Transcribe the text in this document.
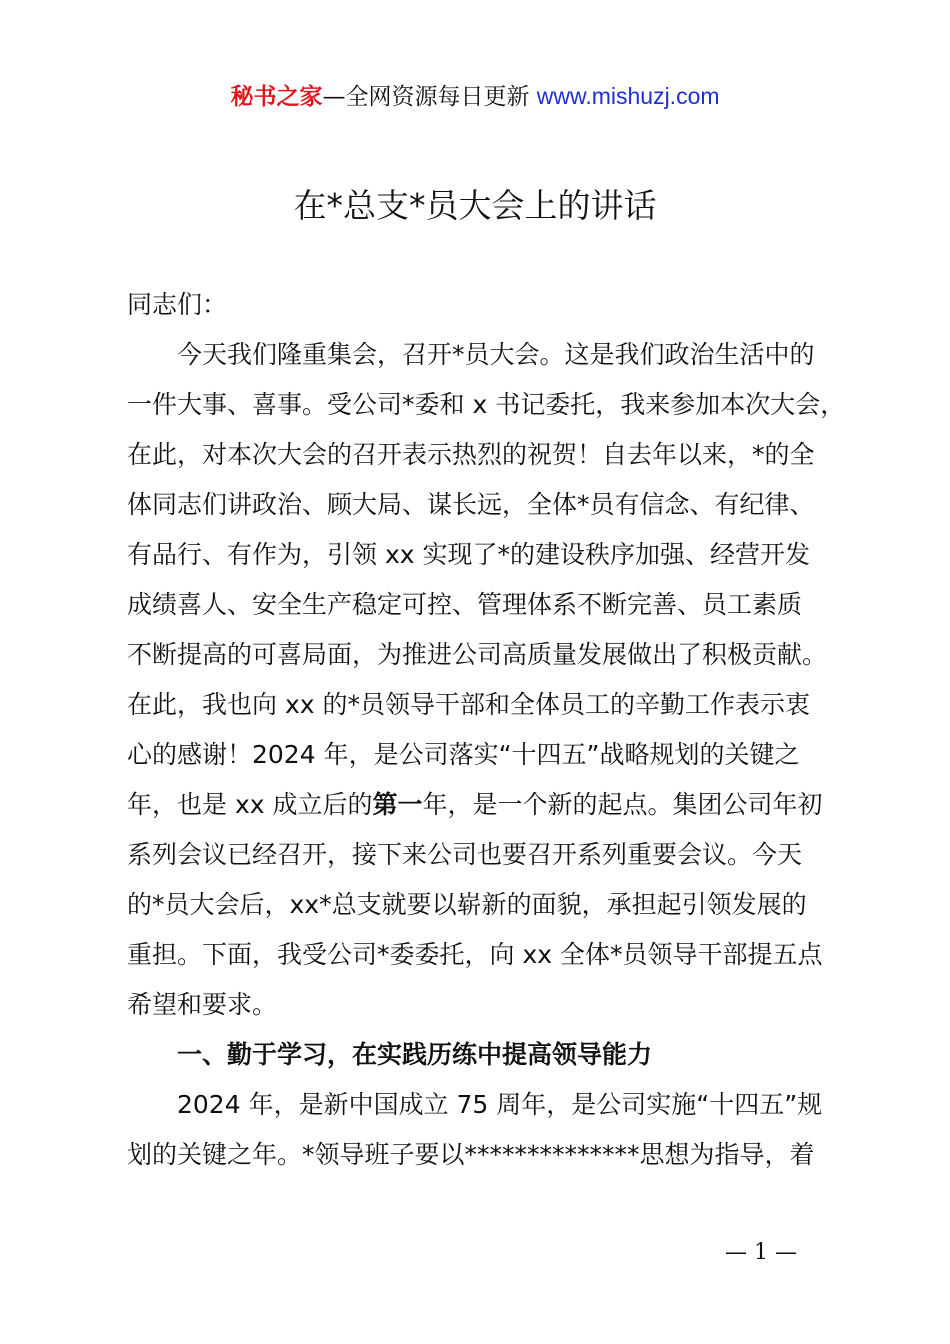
秘书之家—全网资源每日更新 www.mishuzj.com
在*总支*员大会上的讲话
同志们：
今天我们隆重集会，召开*员大会。这是我们政治生活中的
一件大事、喜事。受公司*委和 x 书记委托，我来参加本次大会，
在此，对本次大会的召开表示热烈的祝贺！自去年以来，*的全
体同志们讲政治、顾大局、谋长远，全体*员有信念、有纪律、
有品行、有作为，引领 xx 实现了*的建设秩序加强、经营开发
成绩喜人、安全生产稳定可控、管理体系不断完善、员工素质
不断提高的可喜局面，为推进公司高质量发展做出了积极贡献。
在此，我也向 xx 的*员领导干部和全体员工的辛勤工作表示衷
心的感谢！2024 年，是公司落实“十四五”战略规划的关键之
年，也是 xx 成立后的第一年，是一个新的起点。集团公司年初
系列会议已经召开，接下来公司也要召开系列重要会议。今天
的*员大会后，xx*总支就要以崭新的面貌，承担起引领发展的
重担。下面，我受公司*委委托，向 xx 全体*员领导干部提五点
希望和要求。
一、勤于学习，在实践历练中提高领导能力
2024 年，是新中国成立 75 周年，是公司实施“十四五”规
划的关键之年。*领导班子要以**************思想为指导，着
— 1 —
